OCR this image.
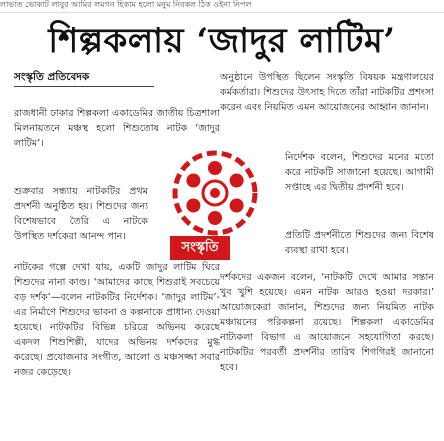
লাভাত ভোকাট লাবুর আমির লমগন হিকাম হলো মনুম নিবকল ঠিক ওইনা নিপল
শিল্পকলায় ‘জাদুর লাটিম’
সংস্কৃতি প্রতিবেদক

রাজধানী ঢাকার শিল্পকলা একাডেমির জাতীয় চিত্রশালা মিলনায়তনে মঞ্চস্থ হলো শিশুতোষ নাটক ‘জাদুর লাটিম’।

শুক্রবার সন্ধ্যায় নাটকটির প্রথম প্রদর্শনী অনুষ্ঠিত হয়। শিশুদের জন্য বিশেষভাবে তৈরি এ নাটকে উপস্থিত দর্শকেরা আনন্দ পান।

নাটকের গল্পে দেখা যায়, একটি জাদুর লাটিম ঘিরে শিশুদের নানা কাণ্ড। ‘আমাদের কাছে শিশুরাই সবচেয়ে বড় দর্শক’—বলেন নাটকটির নির্দেশক। ‘জাদুর লাটিম’-এর নির্মাণে শিশুদের ভাবনা ও কল্পনাকে প্রাধান্য দেওয়া হয়েছে। নাটকটির বিভিন্ন চরিত্রে অভিনয় করেছে একদল শিশুশিল্পী, যাদের অভিনয় দর্শকদের মুগ্ধ করেছে। প্রযোজনার সংগীত, আলো ও মঞ্চসজ্জা সবার নজর কেড়েছে।

অনুষ্ঠানে উপস্থিত ছিলেন সংস্কৃতি বিষয়ক মন্ত্রণালয়ের কর্মকর্তারা। শিশুদের উৎসাহ দিতে তাঁরা নাটকটির প্রশংসা করেন এবং নিয়মিত এমন আয়োজনের আহ্বান জানান।

নির্দেশক বলেন, শিশুদের মনের মতো করে নাটকটি সাজানো হয়েছে। আগামী সপ্তাহে এর দ্বিতীয় প্রদর্শনী হবে।

প্রতিটি প্রদর্শনীতে শিশুদের জন্য বিশেষ ব্যবস্থা রাখা হবে।

দর্শকদের একজন বলেন, ‘নাটকটি দেখে আমার সন্তান খুব খুশি হয়েছে। এমন নাটক আরও হওয়া দরকার।’ আয়োজকেরা জানান, শিশুদের জন্য নিয়মিত নাটক মঞ্চায়নের পরিকল্পনা রয়েছে। শিল্পকলা একাডেমির নাট্যকলা বিভাগ এ আয়োজনে সহযোগিতা করছে। নাটকটির পরবর্তী প্রদর্শনীর তারিখ শিগগিরই জানানো হবে।

সংস্কৃতি
